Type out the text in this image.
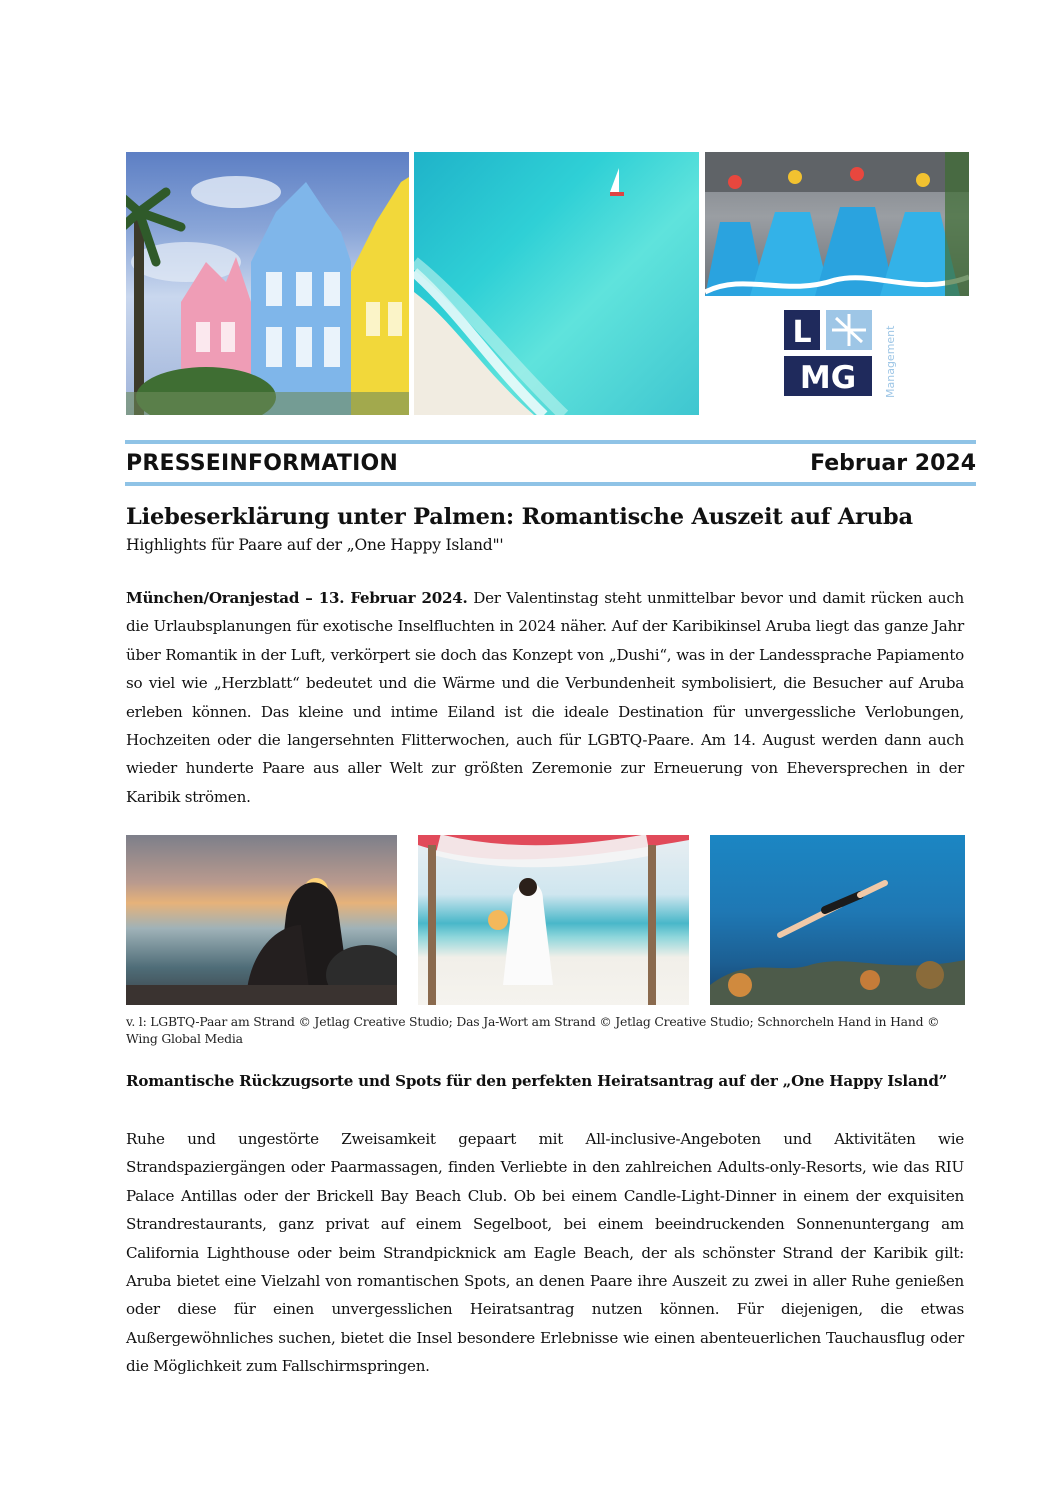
L
MG	Management
PRESSEINFORMATION	Februar 2024
Liebeserklärung unter Palmen: Romantische Auszeit auf Aruba
Highlights für Paare auf der „One Happy Island"'
München/Oranjestad – 13. Februar 2024. Der Valentinstag steht unmittelbar bevor und damit rücken auch die Urlaubsplanungen für exotische Inselfluchten in 2024 näher. Auf der Karibikinsel Aruba liegt das ganze Jahr über Romantik in der Luft, verkörpert sie doch das Konzept von „Dushi“, was in der Landessprache Papiamento so viel wie „Herzblatt“ bedeutet und die Wärme und die Verbundenheit symbolisiert, die Besucher auf Aruba erleben können. Das kleine und intime Eiland ist die ideale Destination für unvergessliche Verlobungen, Hochzeiten oder die langersehnten Flitterwochen, auch für LGBTQ-Paare. Am 14. August werden dann auch wieder hunderte Paare aus aller Welt zur größten Zeremonie zur Erneuerung von Eheversprechen in der Karibik strömen.
v. l: LGBTQ-Paar am Strand © Jetlag Creative Studio; Das Ja-Wort am Strand © Jetlag Creative Studio; Schnorcheln Hand in Hand © Wing Global Media
Romantische Rückzugsorte und Spots für den perfekten Heiratsantrag auf der „One Happy Island”
Ruhe und ungestörte Zweisamkeit gepaart mit All-inclusive-Angeboten und Aktivitäten wie Strandspaziergängen oder Paarmassagen, finden Verliebte in den zahlreichen Adults-only-Resorts, wie das RIU Palace Antillas oder der Brickell Bay Beach Club. Ob bei einem Candle-Light-Dinner in einem der exquisiten Strandrestaurants, ganz privat auf einem Segelboot, bei einem beeindruckenden Sonnenuntergang am California Lighthouse oder beim Strandpicknick am Eagle Beach, der als schönster Strand der Karibik gilt: Aruba bietet eine Vielzahl von romantischen Spots, an denen Paare ihre Auszeit zu zwei in aller Ruhe genießen oder diese für einen unvergesslichen Heiratsantrag nutzen können. Für diejenigen, die etwas Außergewöhnliches suchen, bietet die Insel besondere Erlebnisse wie einen abenteuerlichen Tauchausflug oder die Möglichkeit zum Fallschirmspringen.
